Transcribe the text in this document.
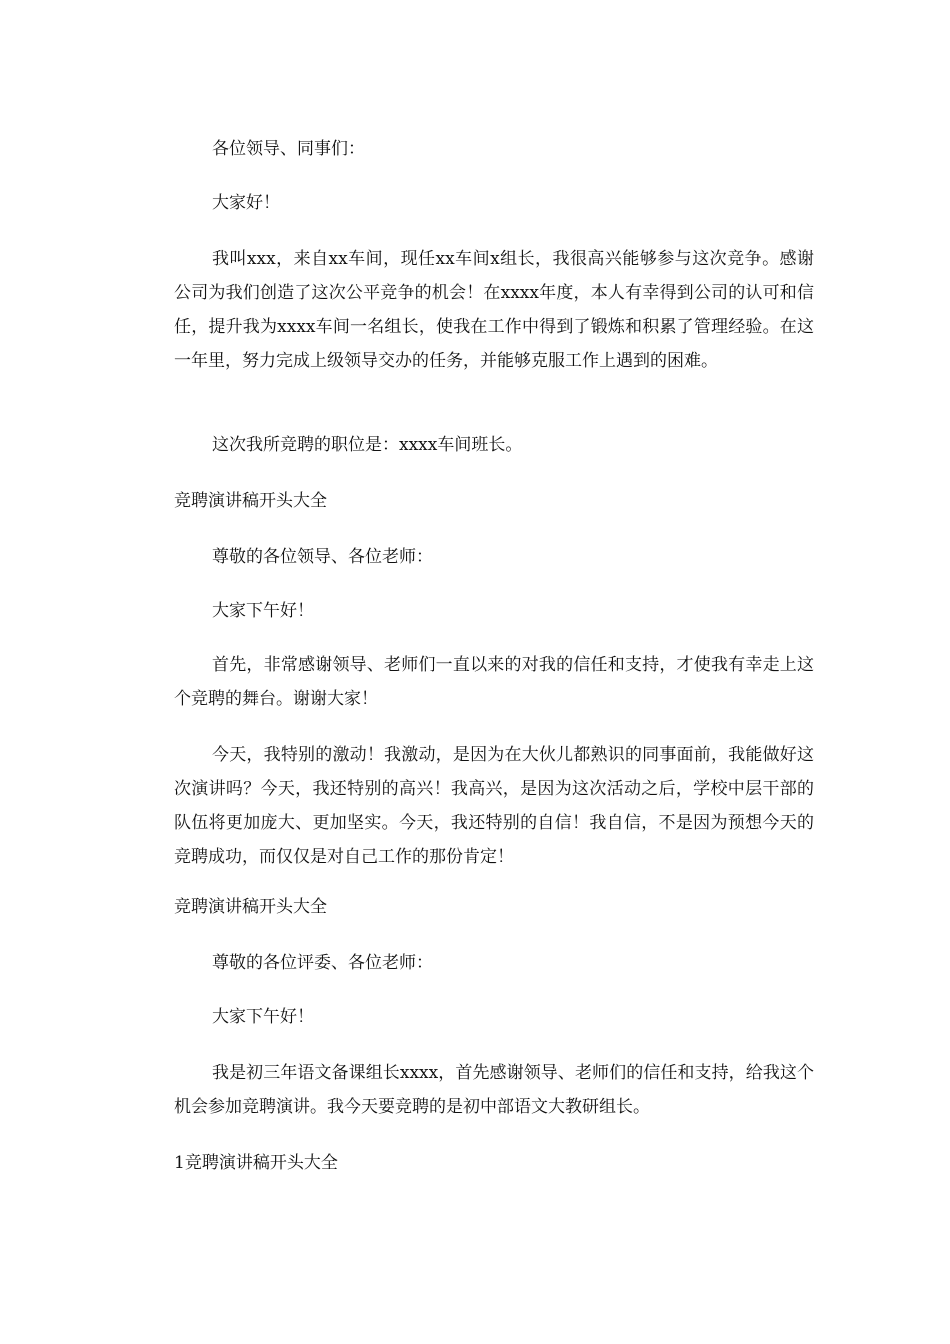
各位领导、同事们：

大家好！

我叫xxx，来自xx车间，现任xx车间x组长，我很高兴能够参与这次竞争。感谢公司为我们创造了这次公平竞争的机会！在xxxx年度，本人有幸得到公司的认可和信任，提升我为xxxx车间一名组长，使我在工作中得到了锻炼和积累了管理经验。在这一年里，努力完成上级领导交办的任务，并能够克服工作上遇到的困难。

这次我所竞聘的职位是：xxxx车间班长。

竞聘演讲稿开头大全

尊敬的各位领导、各位老师：

大家下午好！

首先，非常感谢领导、老师们一直以来的对我的信任和支持，才使我有幸走上这个竞聘的舞台。谢谢大家！

今天，我特别的激动！我激动，是因为在大伙儿都熟识的同事面前，我能做好这次演讲吗？今天，我还特别的高兴！我高兴，是因为这次活动之后，学校中层干部的队伍将更加庞大、更加坚实。今天，我还特别的自信！我自信，不是因为预想今天的竞聘成功，而仅仅是对自己工作的那份肯定！

竞聘演讲稿开头大全

尊敬的各位评委、各位老师：

大家下午好！

我是初三年语文备课组长xxxx，首先感谢领导、老师们的信任和支持，给我这个机会参加竞聘演讲。我今天要竞聘的是初中部语文大教研组长。

1竞聘演讲稿开头大全
